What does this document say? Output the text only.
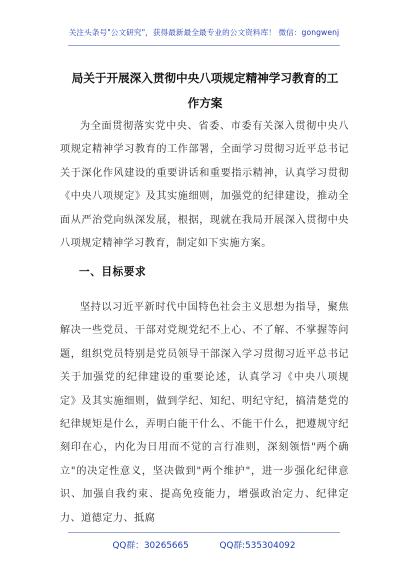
关注头条号"公文研究"，获得最新最全最专业的公文资料库！ 微信：gongwenj
局关于开展深入贯彻中央八项规定精神学习教育的工作方案

为全面贯彻落实党中央、省委、市委有关深入贯彻中央八项规定精神学习教育的工作部署，全面学习贯彻习近平总书记关于深化作风建设的重要讲话和重要指示精神，认真学习贯彻《中央八项规定》及其实施细则，加强党的纪律建设，推动全面从严治党向纵深发展，根据，现就在我局开展深入贯彻中央八项规定精神学习教育，制定如下实施方案。

一、目标要求

坚持以习近平新时代中国特色社会主义思想为指导，聚焦解决一些党员、干部对党规党纪不上心、不了解、不掌握等问题，组织党员特别是党员领导干部深入学习贯彻习近平总书记关于加强党的纪律建设的重要论述，认真学习《中央八项规定》及其实施细则，做到学纪、知纪、明纪守纪，搞清楚党的纪律规矩是什么，弄明白能干什么、不能干什么，把遵规守纪刻印在心，内化为日用而不觉的言行准则，深刻领悟"两个确立"的决定性意义，坚决做到"两个维护"，进一步强化纪律意识、加强自我约束、提高免疫能力，增强政治定力、纪律定力、道德定力、抵腐

QQ群：30265665	QQ群:535304092
